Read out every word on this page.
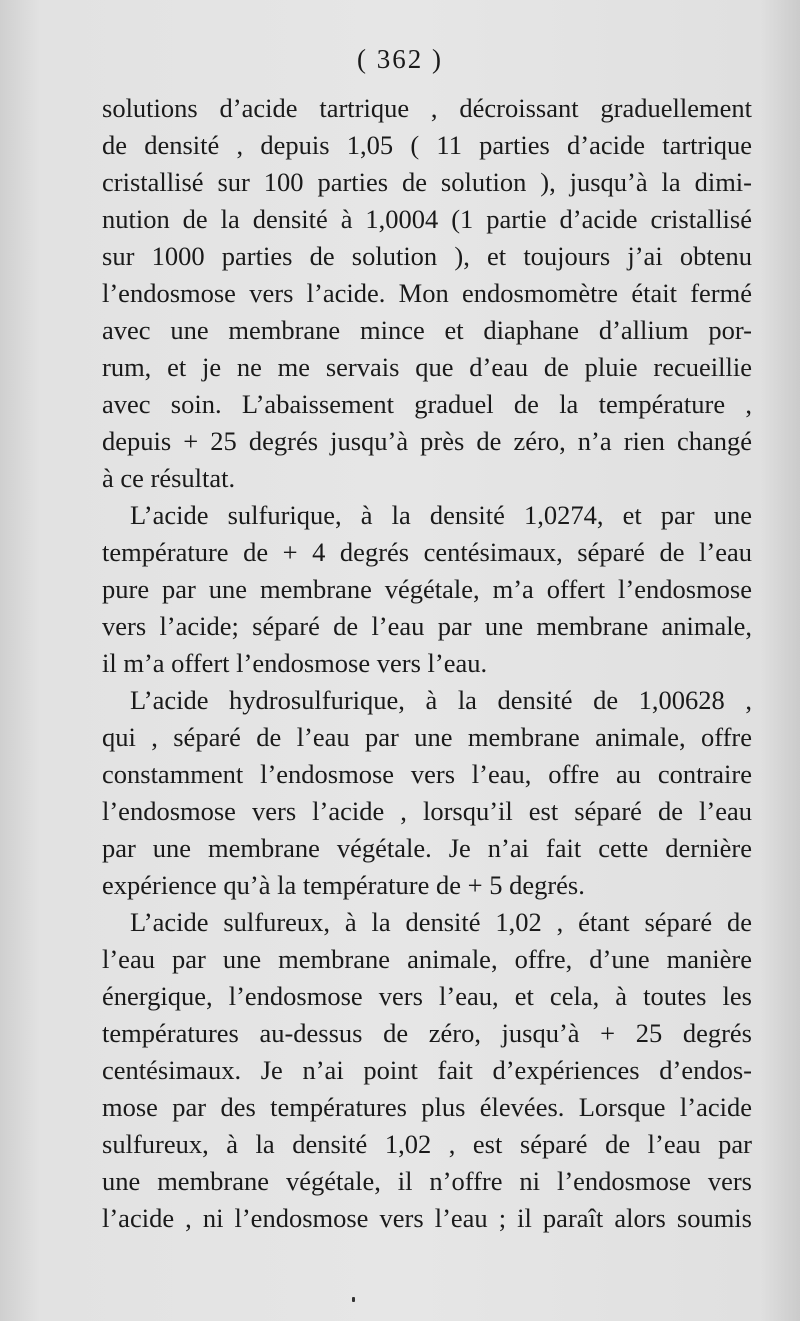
( 362 )
solutions d’acide tartrique , décroissant graduellement
de densité , depuis 1,05 ( 11 parties d’acide tartrique
cristallisé sur 100 parties de solution ), jusqu’à la dimi-
nution de la densité à 1,0004 (1 partie d’acide cristallisé
sur 1000 parties de solution ), et toujours j’ai obtenu
l’endosmose vers l’acide. Mon endosmomètre était fermé
avec une membrane mince et diaphane d’allium por-
rum, et je ne me servais que d’eau de pluie recueillie
avec soin. L’abaissement graduel de la température ,
depuis + 25 degrés jusqu’à près de zéro, n’a rien changé
à ce résultat.
L’acide sulfurique, à la densité 1,0274, et par une
température de + 4 degrés centésimaux, séparé de l’eau
pure par une membrane végétale, m’a offert l’endosmose
vers l’acide; séparé de l’eau par une membrane animale,
il m’a offert l’endosmose vers l’eau.
L’acide hydrosulfurique, à la densité de 1,00628 ,
qui , séparé de l’eau par une membrane animale, offre
constamment l’endosmose vers l’eau, offre au contraire
l’endosmose vers l’acide , lorsqu’il est séparé de l’eau
par une membrane végétale. Je n’ai fait cette dernière
expérience qu’à la température de + 5 degrés.
L’acide sulfureux, à la densité 1,02 , étant séparé de
l’eau par une membrane animale, offre, d’une manière
énergique, l’endosmose vers l’eau, et cela, à toutes les
températures au-dessus de zéro, jusqu’à + 25 degrés
centésimaux. Je n’ai point fait d’expériences d’endos-
mose par des températures plus élevées. Lorsque l’acide
sulfureux, à la densité 1,02 , est séparé de l’eau par
une membrane végétale, il n’offre ni l’endosmose vers
l’acide , ni l’endosmose vers l’eau ; il paraît alors soumis
